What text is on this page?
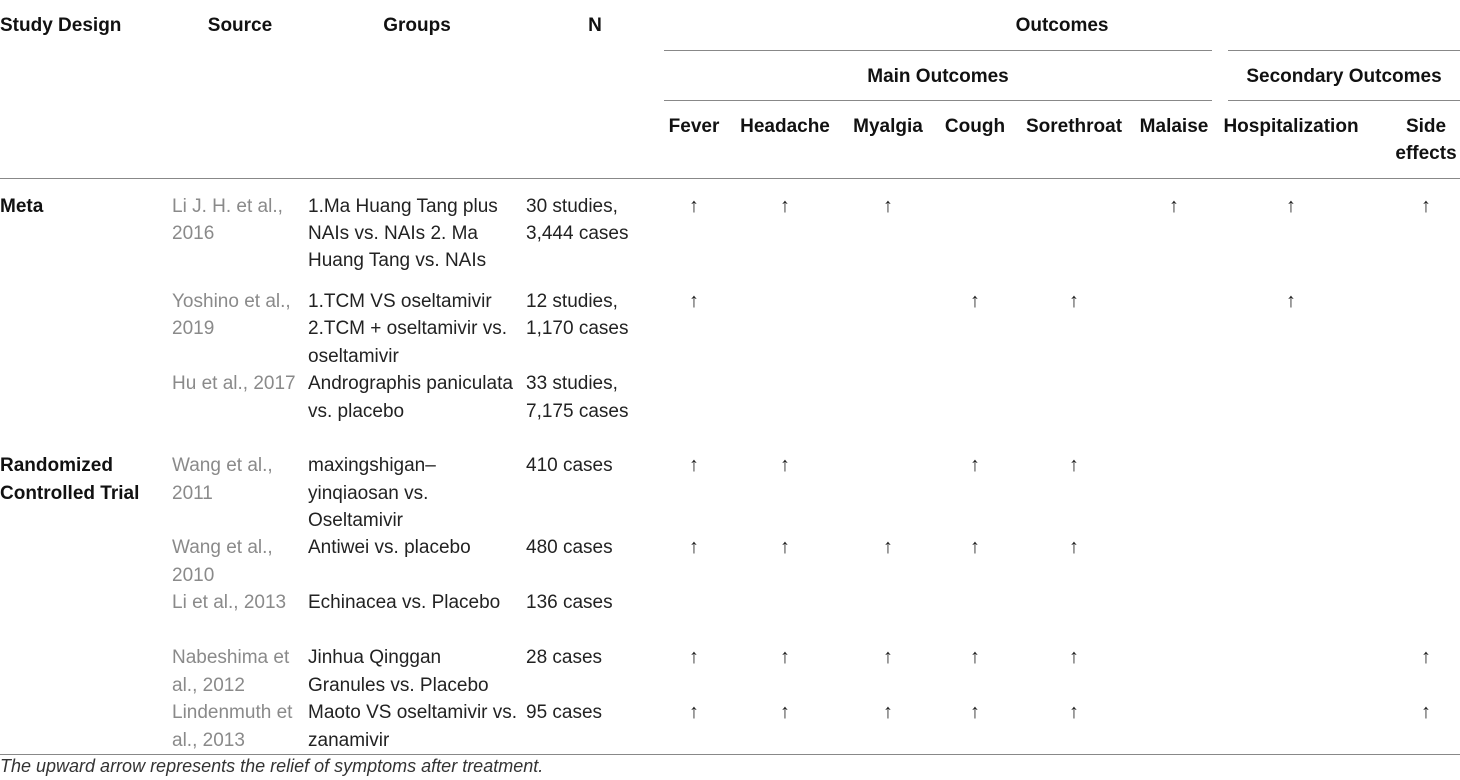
Study Design	Source	Groups	N	Outcomes							
				Main Outcomes						Secondary Outcomes	
				Fever	Headache	Myalgia	Cough	Sorethroat	Malaise	Hospitalization	Side effects
Meta	Li J. H. et al., 2016	1.Ma Huang Tang plus NAIs vs. NAIs 2. Ma Huang Tang vs. NAIs	30 studies, 3,444 cases	↑	↑	↑			↑	↑	↑
	Yoshino et al., 2019	1.TCM VS oseltamivir 2.TCM + oseltamivir vs. oseltamivir	12 studies, 1,170 cases	↑			↑	↑		↑	
	Hu et al., 2017	Andrographis paniculata vs. placebo	33 studies, 7,175 cases								
Randomized Controlled Trial	Wang et al., 2011	maxingshigan–yinqiaosan vs. Oseltamivir	410 cases	↑	↑		↑	↑			
	Wang et al., 2010	Antiwei vs. placebo	480 cases	↑	↑	↑	↑	↑			
	Li et al., 2013	Echinacea vs. Placebo	136 cases								
	Nabeshima et al., 2012	Jinhua Qinggan Granules vs. Placebo	28 cases	↑	↑	↑	↑	↑			↑
	Lindenmuth et al., 2013	Maoto VS oseltamivir vs. zanamivir	95 cases	↑	↑	↑	↑	↑			↑
The upward arrow represents the relief of symptoms after treatment.
